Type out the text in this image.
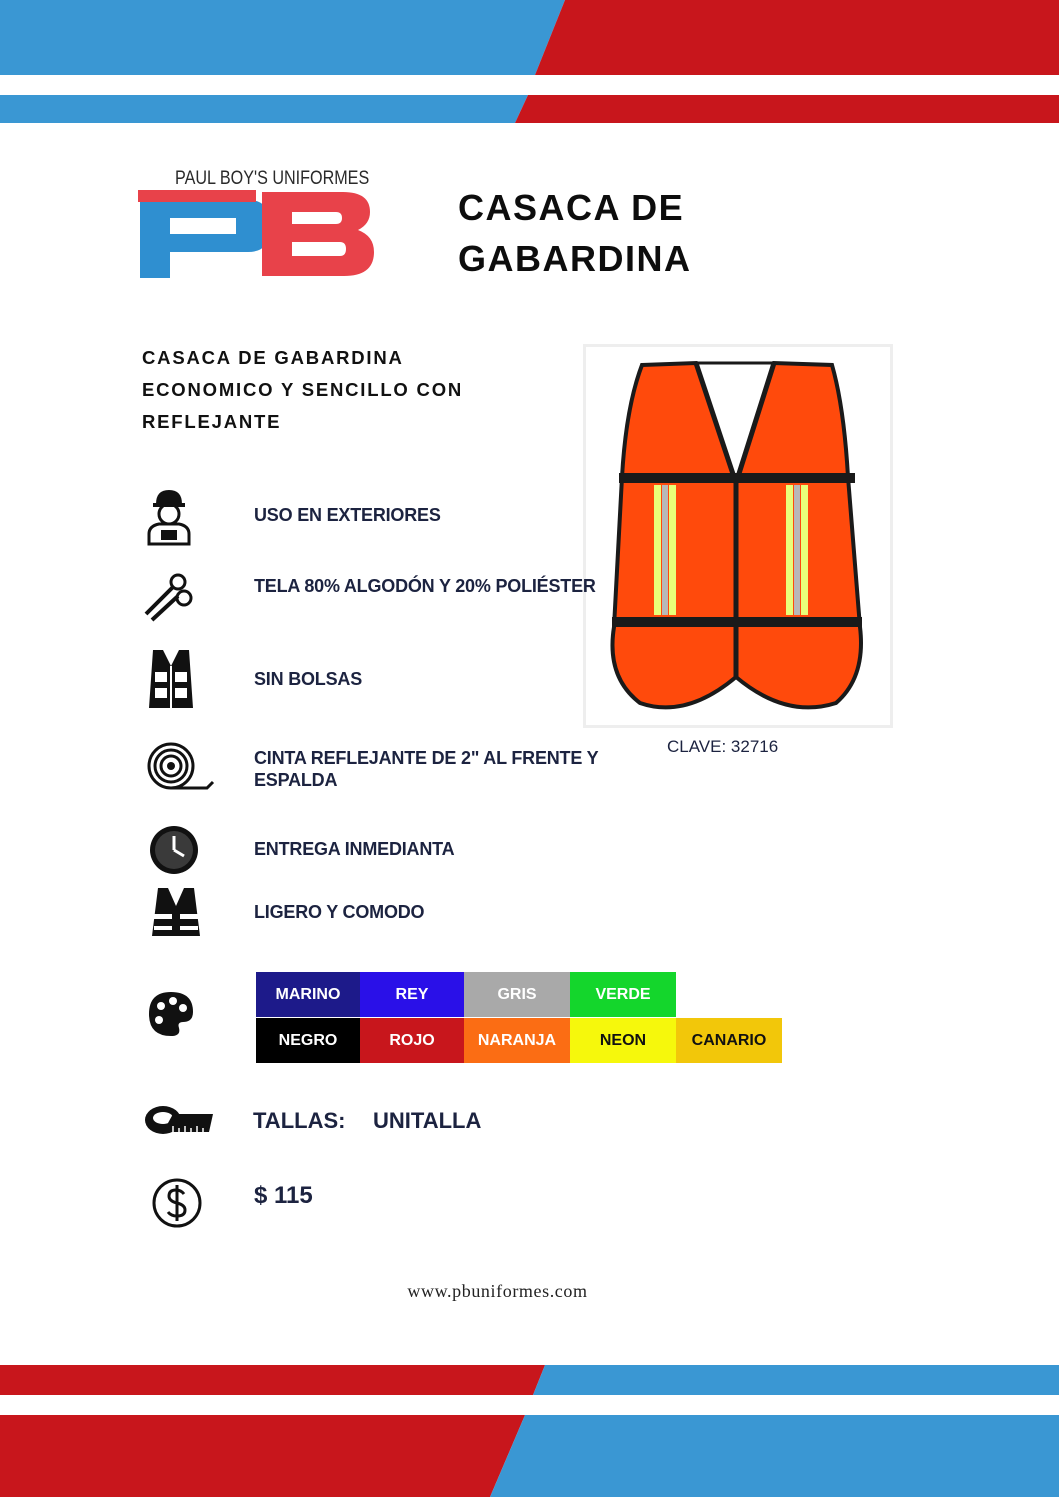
PAUL BOY'S UNIFORMES
CASACA DE
GABARDINA
CASACA DE GABARDINA
ECONOMICO Y SENCILLO CON
REFLEJANTE
CLAVE: 32716
USO EN EXTERIORES
TELA 80% ALGODÓN Y 20% POLIÉSTER
SIN BOLSAS
CINTA REFLEJANTE DE 2" AL FRENTE Y ESPALDA
ENTREGA INMEDIANTA
LIGERO Y COMODO
MARINO	REY	GRIS	VERDE
NEGRO	ROJO	NARANJA	NEON	CANARIO
TALLAS: UNITALLA
$ 115
www.pbuniformes.com
